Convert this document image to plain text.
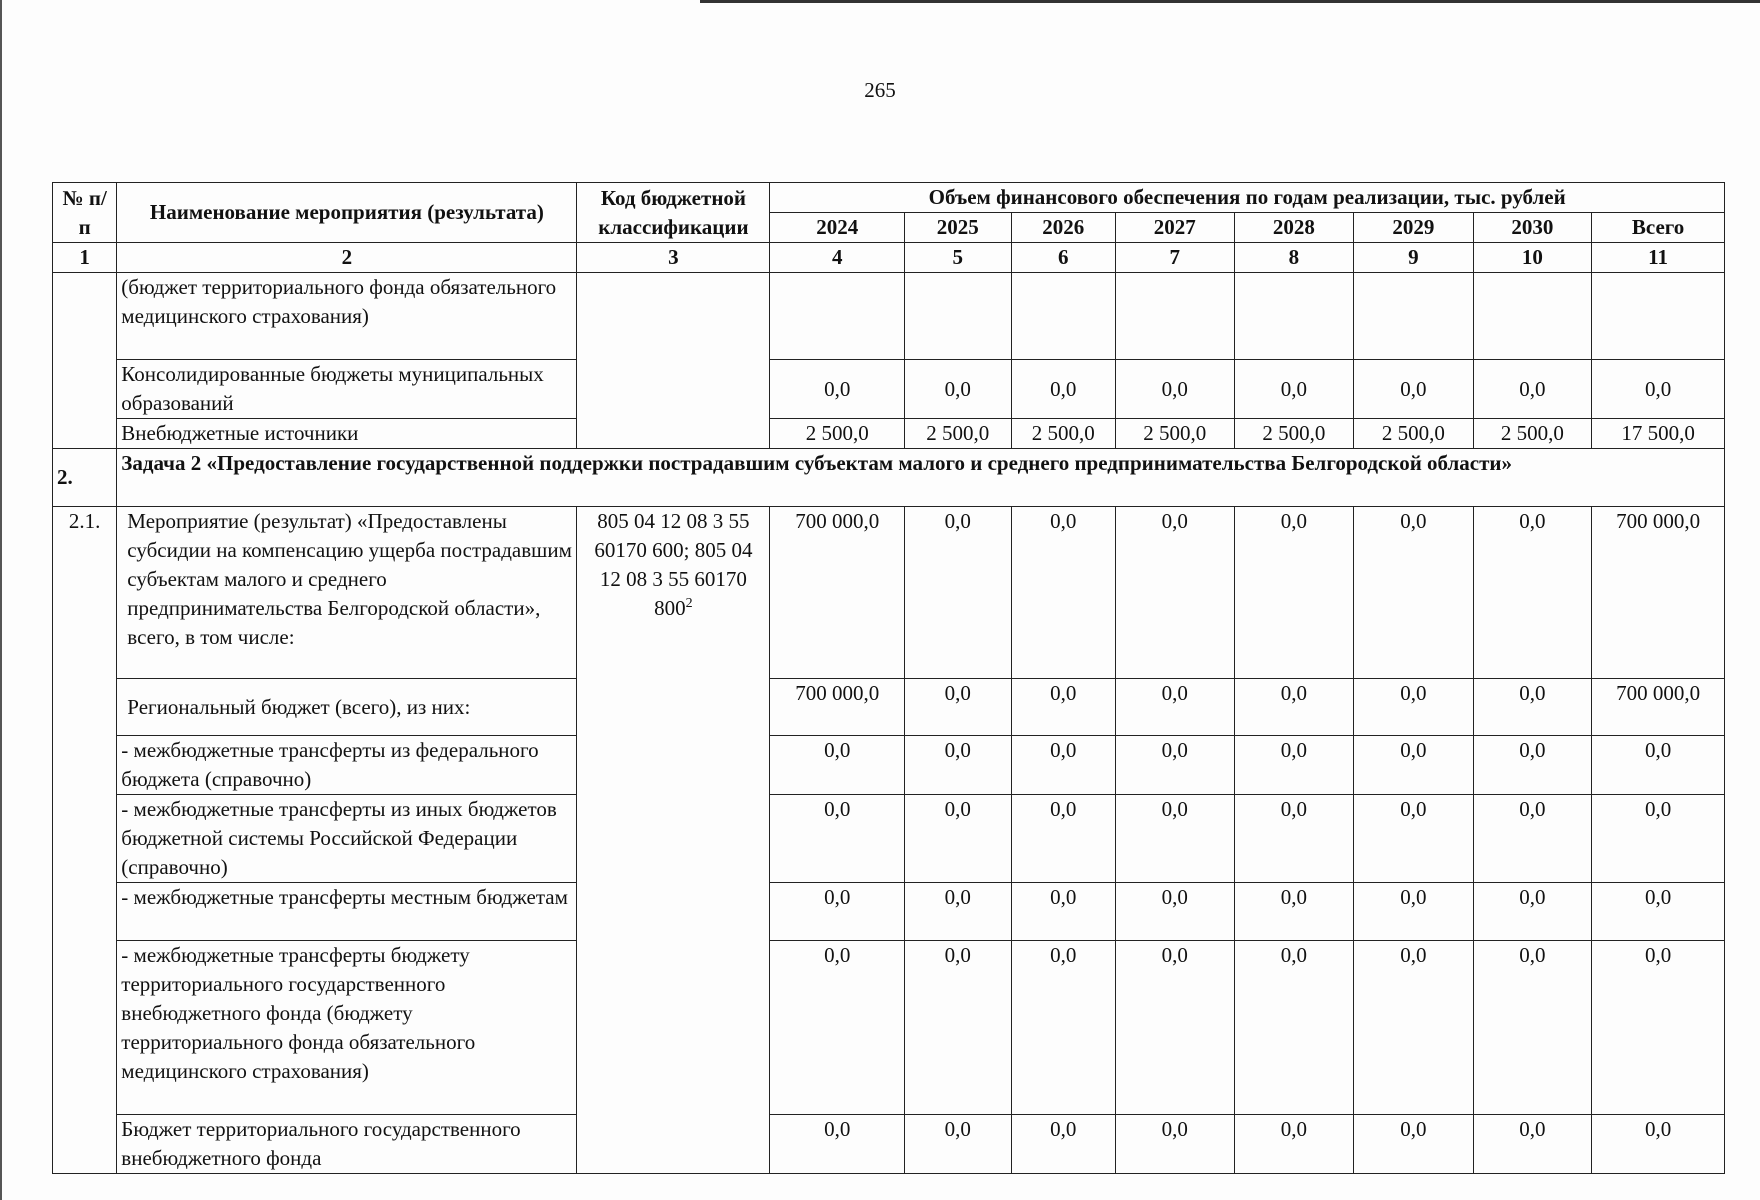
265
№ п/п	Наименование мероприятия (результата)	Код бюджетной классификации	Объем финансового обеспечения по годам реализации, тыс. рублей							
			2024	2025	2026	2027	2028	2029	2030	Всего
1	2	3	4	5	6	7	8	9	10	11
	(бюджет территориального фонда обязательного медицинского страхования)									
	Консолидированные бюджеты муниципальных образований		0,0	0,0	0,0	0,0	0,0	0,0	0,0	0,0
	Внебюджетные источники		2 500,0	2 500,0	2 500,0	2 500,0	2 500,0	2 500,0	2 500,0	17 500,0
2.	Задача 2 «Предоставление государственной поддержки пострадавшим субъектам малого и среднего предпринимательства Белгородской области»									
2.1.	Мероприятие (результат) «Предоставлены субсидии на компенсацию ущерба пострадавшим субъектам малого и среднего предпринимательства Белгородской области», всего, в том числе:	805 04 12 08 3 55 60170 600; 805 04 12 08 3 55 60170 $800^2$	700 000,0	0,0	0,0	0,0	0,0	0,0	0,0	700 000,0
	Региональный бюджет (всего), из них:		700 000,0	0,0	0,0	0,0	0,0	0,0	0,0	700 000,0
	- межбюджетные трансферты из федерального бюджета (справочно)		0,0	0,0	0,0	0,0	0,0	0,0	0,0	0,0
	- межбюджетные трансферты из иных бюджетов бюджетной системы Российской Федерации (справочно)		0,0	0,0	0,0	0,0	0,0	0,0	0,0	0,0
	- межбюджетные трансферты местным бюджетам		0,0	0,0	0,0	0,0	0,0	0,0	0,0	0,0
	- межбюджетные трансферты бюджету территориального государственного внебюджетного фонда (бюджету территориального фонда обязательного медицинского страхования)		0,0	0,0	0,0	0,0	0,0	0,0	0,0	0,0
	Бюджет территориального государственного внебюджетного фонда		0,0	0,0	0,0	0,0	0,0	0,0	0,0	0,0
